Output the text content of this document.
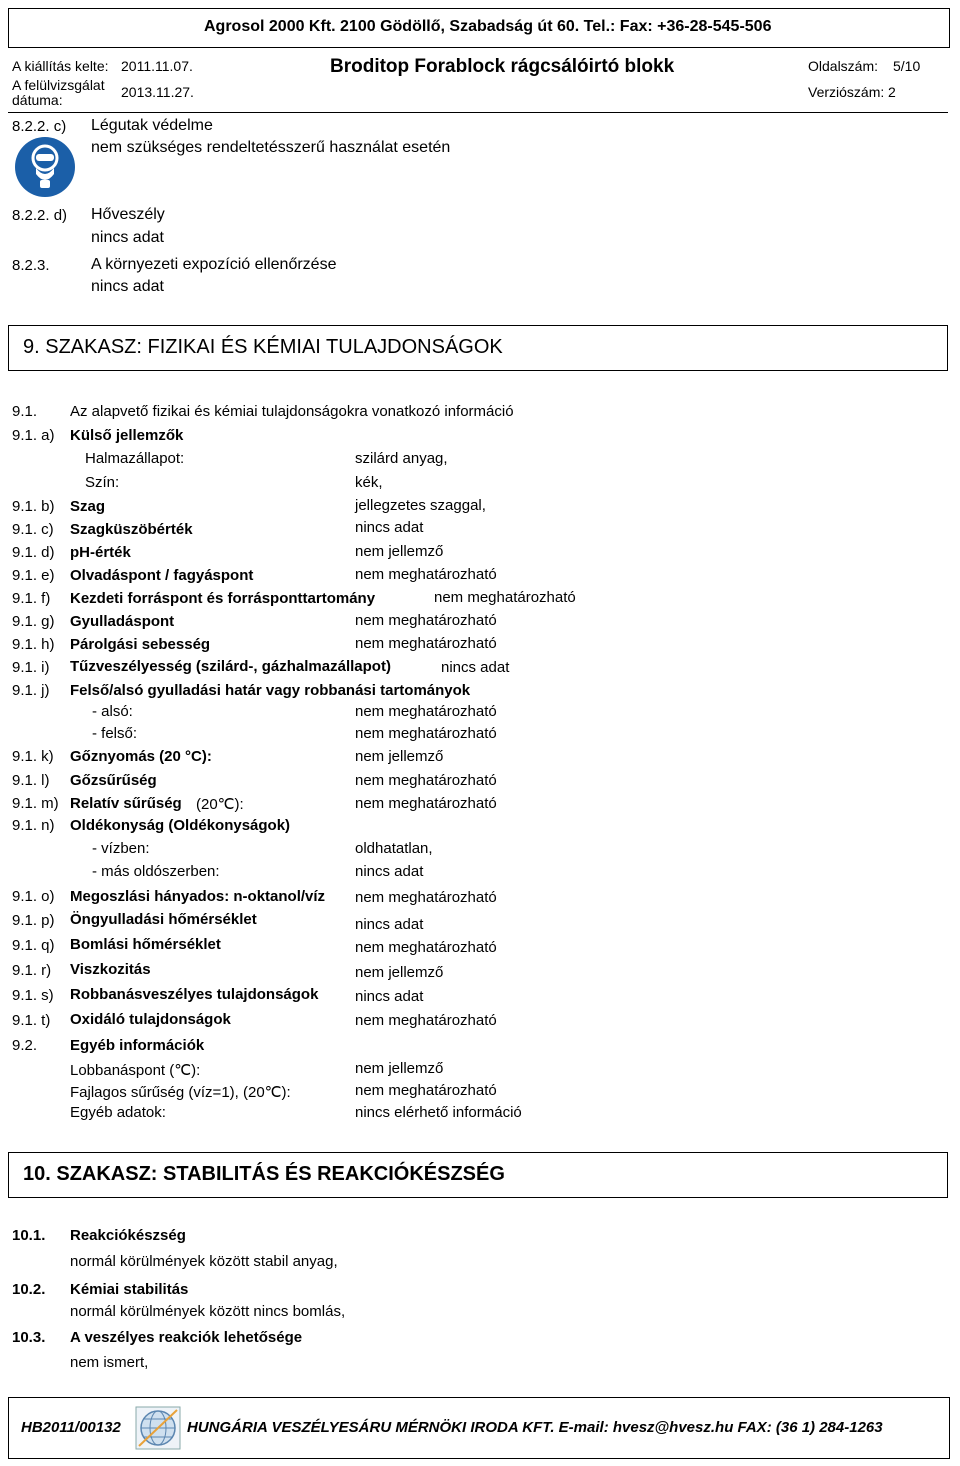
Agrosol 2000 Kft. 2100 Gödöllő, Szabadság út 60. Tel.: Fax: +36-28-545-506
A kiállítás kelte: 2011.11.07.
A felülvizsgálat
dátuma:	2013.11.27.
Broditop Forablock rágcsálóirtó blokk	Oldalszám: 5/10
Verziószám: 2
8.2.2. c) Légutak védelme
nem szükséges rendeltetésszerű használat esetén
8.2.2. d) Hőveszély
nincs adat
8.2.3.	A környezeti expozíció ellenőrzése
nincs adat
9. SZAKASZ: FIZIKAI ÉS KÉMIAI TULAJDONSÁGOK
9.1. Az alapvető fizikai és kémiai tulajdonságokra vonatkozó információ
9.1. a) Külső jellemzők
Halmazállapot:	szilárd anyag,
Szín:	kék,
9.1. b) Szag	jellegzetes szaggal,
9.1. c) Szagküszöbérték	nincs adat
9.1. d) pH-érték	nem jellemző
9.1. e) Olvadáspont / fagyáspont	nem meghatározható
9.1. f) Kezdeti forráspont és forrásponttartomány	nem meghatározható
9.1. g) Gyulladáspont	nem meghatározható
9.1. h) Párolgási sebesség	nem meghatározható
9.1. i) Tűzveszélyesség (szilárd-, gázhalmazállapot)	nincs adat
9.1. j) Felső/alsó gyulladási határ vagy robbanási tartományok
- alsó:	nem meghatározható
- felső:	nem meghatározható
9.1. k) Gőznyomás (20 °C):	nem jellemző
9.1. l) Gőzsűrűség	nem meghatározható
9.1. m) Relatív sűrűség (20℃):	nem meghatározható
9.1. n) Oldékonyság (Oldékonyságok)
- vízben:	oldhatatlan,
- más oldószerben:	nincs adat
9.1. o) Megoszlási hányados: n-oktanol/víz nem meghatározható
9.1. p) Öngyulladási hőmérséklet	nincs adat
9.1. q) Bomlási hőmérséklet	nem meghatározható
9.1. r) Viszkozitás	nem jellemző
9.1. s) Robbanásveszélyes tulajdonságok nincs adat
9.1. t) Oxidáló tulajdonságok	nem meghatározható
9.2. Egyéb információk
Lobbanáspont (℃):	nem jellemző
Fajlagos sűrűség (víz=1), (20℃):	nem meghatározható
Egyéb adatok:	nincs elérhető információ
10. SZAKASZ: STABILITÁS ÉS REAKCIÓKÉSZSÉG
10.1. Reakciókészség
normál körülmények között stabil anyag,
10.2. Kémiai stabilitás
normál körülmények között nincs bomlás,
10.3. A veszélyes reakciók lehetősége
nem ismert,
HB2011/00132	HUNGÁRIA VESZÉLYESÁRU MÉRNÖKI IRODA KFT. E-mail: hvesz@hvesz.hu FAX: (36 1) 284-1263
